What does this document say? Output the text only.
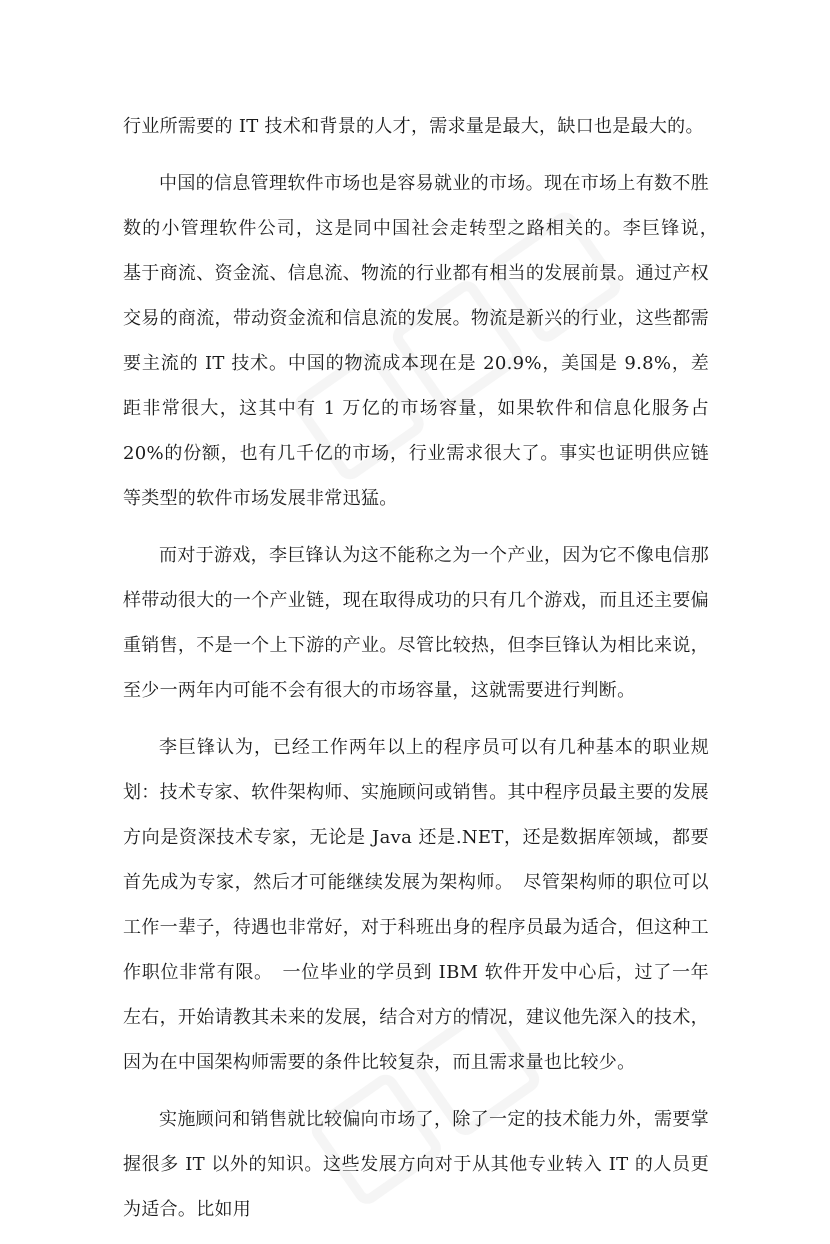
行业所需要的 IT 技术和背景的人才，需求量是最大，缺口也是最大的。

中国的信息管理软件市场也是容易就业的市场。现在市场上有数不胜数的小管理软件公司，这是同中国社会走转型之路相关的。李巨锋说，　基于商流、资金流、信息流、物流的行业都有相当的发展前景。通过产权交易的商流，带动资金流和信息流的发展。物流是新兴的行业，这些都需要主流的 IT 技术。中国的物流成本现在是 20.9%，美国是 9.8%，差距非常很大，这其中有 1 万亿的市场容量，如果软件和信息化服务占 20%的份额，也有几千亿的市场，行业需求很大了。事实也证明供应链等类型的软件市场发展非常迅猛。

而对于游戏，李巨锋认为这不能称之为一个产业，因为它不像电信那样带动很大的一个产业链，现在取得成功的只有几个游戏，而且还主要偏重销售，不是一个上下游的产业。尽管比较热，但李巨锋认为相比来说，至少一两年内可能不会有很大的市场容量，这就需要进行判断。

李巨锋认为，已经工作两年以上的程序员可以有几种基本的职业规划：技术专家、软件架构师、实施顾问或销售。其中程序员最主要的发展方向是资深技术专家，无论是 Java 还是.NET，还是数据库领域，都要首先成为专家，然后才可能继续发展为架构师。　尽管架构师的职位可以工作一辈子，待遇也非常好，对于科班出身的程序员最为适合，但这种工作职位非常有限。　一位毕业的学员到 IBM 软件开发中心后，过了一年左右，开始请教其未来的发展，结合对方的情况，建议他先深入的技术，因为在中国架构师需要的条件比较复杂，而且需求量也比较少。

实施顾问和销售就比较偏向市场了，除了一定的技术能力外，需要掌握很多 IT 以外的知识。这些发展方向对于从其他专业转入 IT 的人员更为适合。比如用
